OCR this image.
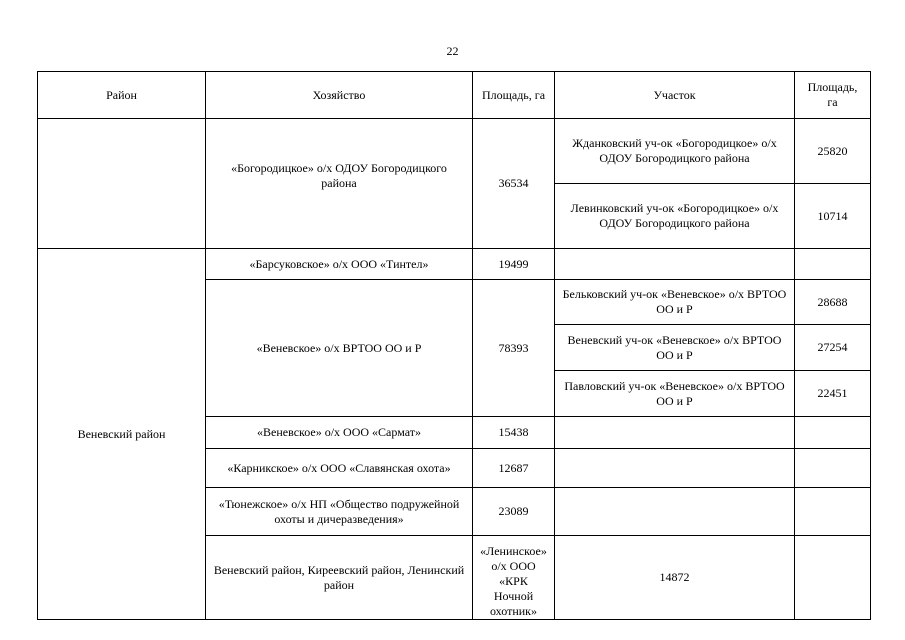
22
Район	Хозяйство	Площадь, га	Участок	Площадь, га	
	«Богородицкое» о/х ОДОУ Богородицкого района	36534	Жданковский уч-ок «Богородицкое» о/х ОДОУ Богородицкого района	25820	
			Левинковский уч-ок «Богородицкое» о/х ОДОУ Богородицкого района	10714	
Веневский район	«Барсуковское» о/х ООО «Тинтел»	19499			
	«Веневское» о/х ВРТОО ОО и Р	78393	Бельковский уч-ок «Веневское» о/х ВРТОО ОО и Р	28688	
			Веневский уч-ок «Веневское» о/х ВРТОО ОО и Р	27254	
			Павловский уч-ок «Веневское» о/х ВРТОО ОО и Р	22451	
	«Веневское» о/х ООО «Сармат»	15438			
	«Карникское» о/х ООО «Славянская охота»	12687			
	«Тюнежское» о/х НП «Общество подружейной охоты и дичеразведения»	23089			
	Веневский район, Киреевский район, Ленинский район	«Ленинское» о/х ООО «КРК Ночной охотник»	14872		
